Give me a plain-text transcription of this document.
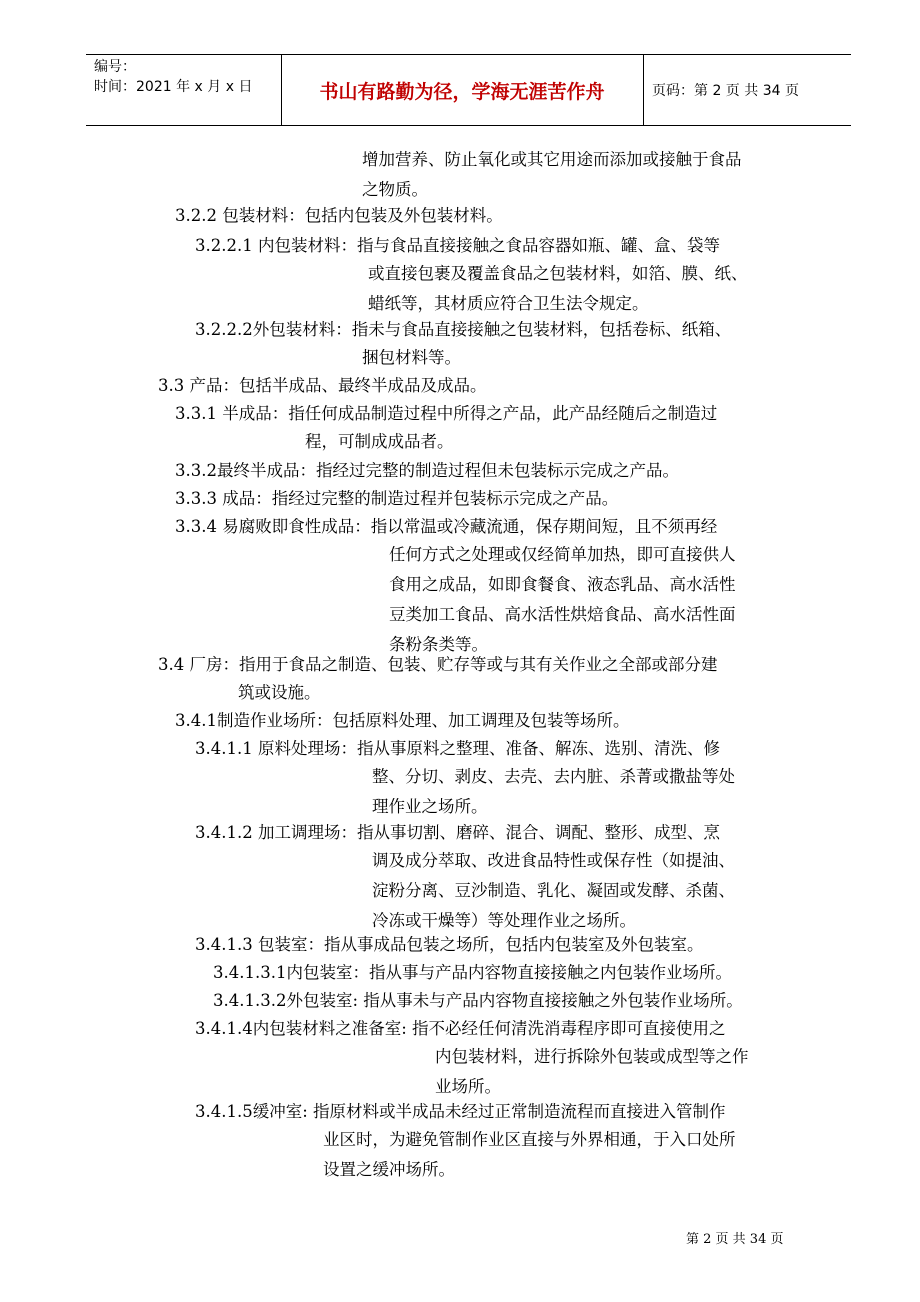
编号：
时间：2021 年 x 月 x 日	书山有路勤为径，学海无涯苦作舟	页码：第 2 页 共 34 页
增加营养、防止氧化或其它用途而添加或接触于食品
之物质。
3.2.2 包装材料：包括内包装及外包装材料。
3.2.2.1 内包装材料：指与食品直接接触之食品容器如瓶、罐、盒、袋等
或直接包裹及覆盖食品之包装材料，如箔、膜、纸、
蜡纸等，其材质应符合卫生法令规定。
3.2.2.2外包装材料：指未与食品直接接触之包装材料，包括卷标、纸箱、
捆包材料等。
3.3 产品：包括半成品、最终半成品及成品。
3.3.1 半成品：指任何成品制造过程中所得之产品，此产品经随后之制造过
程，可制成成品者。
3.3.2最终半成品：指经过完整的制造过程但未包装标示完成之产品。
3.3.3 成品：指经过完整的制造过程并包装标示完成之产品。
3.3.4 易腐败即食性成品：指以常温或冷藏流通，保存期间短，且不须再经
任何方式之处理或仅经简单加热，即可直接供人
食用之成品，如即食餐食、液态乳品、高水活性
豆类加工食品、高水活性烘焙食品、高水活性面
条粉条类等。
3.4 厂房：指用于食品之制造、包装、贮存等或与其有关作业之全部或部分建
筑或设施。
3.4.1制造作业场所：包括原料处理、加工调理及包装等场所。
3.4.1.1 原料处理场：指从事原料之整理、准备、解冻、选别、清洗、修
整、分切、剥皮、去壳、去内脏、杀菁或撒盐等处
理作业之场所。
3.4.1.2 加工调理场：指从事切割、磨碎、混合、调配、整形、成型、烹
调及成分萃取、改进食品特性或保存性（如提油、
淀粉分离、豆沙制造、乳化、凝固或发酵、杀菌、
冷冻或干燥等）等处理作业之场所。
3.4.1.3 包装室：指从事成品包装之场所，包括内包装室及外包装室。
3.4.1.3.1内包装室：指从事与产品内容物直接接触之内包装作业场所。
3.4.1.3.2外包装室: 指从事未与产品内容物直接接触之外包装作业场所。
3.4.1.4内包装材料之准备室: 指不必经任何清洗消毒程序即可直接使用之
内包装材料，进行拆除外包装或成型等之作
业场所。
3.4.1.5缓冲室: 指原材料或半成品未经过正常制造流程而直接进入管制作
业区时，为避免管制作业区直接与外界相通，于入口处所
设置之缓冲场所。
第 2 页 共 34 页
